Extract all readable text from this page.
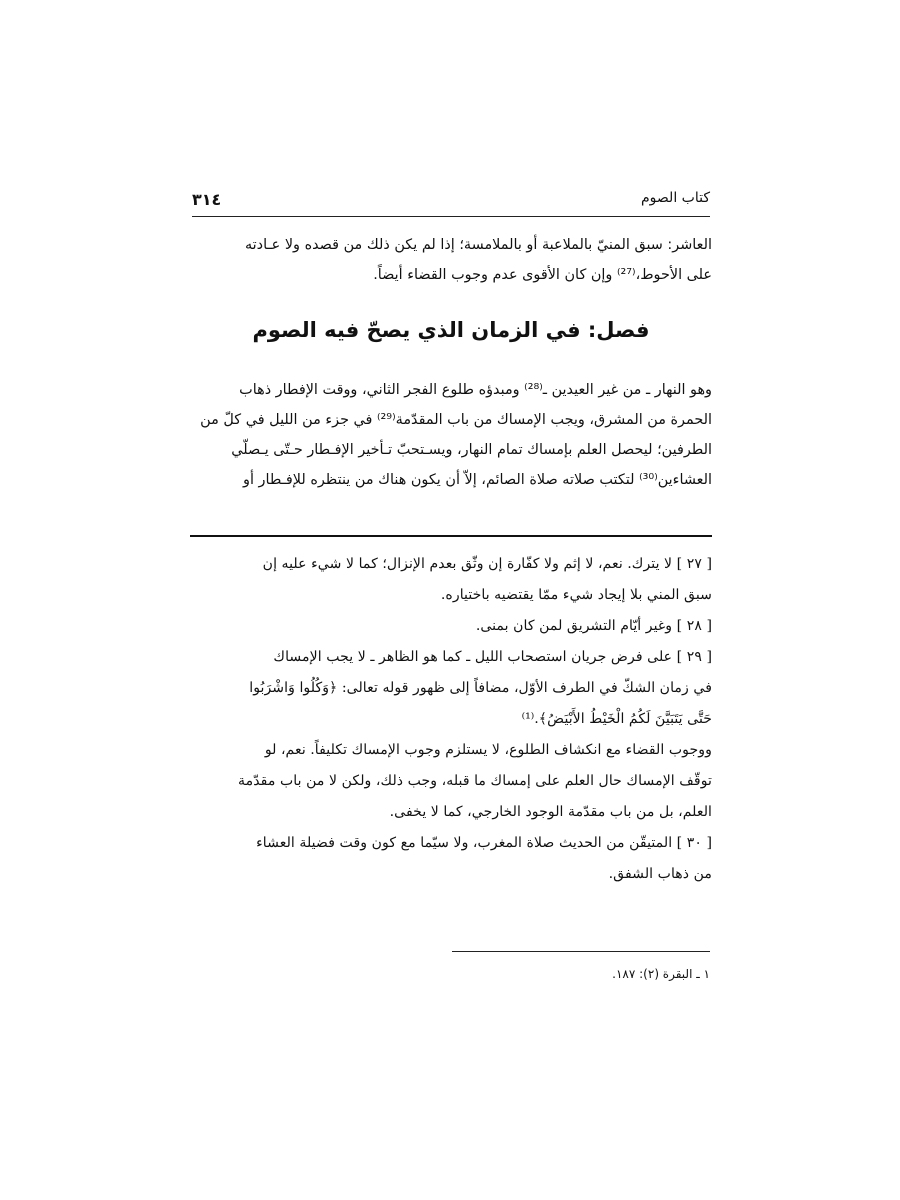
كتاب الصوم
٣١٤
العاشر: سبق المنيّ بالملاعبة أو بالملامسة؛ إذا لم يكن ذلك من قصده ولا عـادته
على الأحوط،⁽²⁷⁾ وإن كان الأقوى عدم وجوب القضاء أيضاً.
فصل: في الزمان الذي يصحّ فيه الصوم
وهو النهار ـ من غير العيدين ـ⁽²⁸⁾ ومبدؤه طلوع الفجر الثاني، ووقت الإفطار ذهاب
الحمرة من المشرق، ويجب الإمساك من باب المقدّمة⁽²⁹⁾ في جزء من الليل في كلّ من
الطرفين؛ ليحصل العلم بإمساك تمام النهار، ويسـتحبّ تـأخير الإفـطار حـتّى يـصلّي
العشاءين⁽³⁰⁾ لتكتب صلاته صلاة الصائم، إلاّ أن يكون هناك من ينتظره للإفـطار أو
[ ٢٧ ] لا يترك. نعم، لا إثم ولا كفّارة إن وثّق بعدم الإنزال؛ كما لا شيء عليه إن
سبق المني بلا إيجاد شيء ممّا يقتضيه باختياره.
[ ٢٨ ] وغير أيّام التشريق لمن كان بمنى.
[ ٢٩ ] على فرض جريان استصحاب الليل ـ كما هو الظاهر ـ لا يجب الإمساك
في زمان الشكّ في الطرف الأوّل، مضافاً إلى ظهور قوله تعالى: ﴿وَكُلُوا وَاشْرَبُوا
حَتَّى يَتَبَيَّنَ لَكُمُ الْخَيْطُ الأَبْيَضُ﴾.⁽¹⁾
ووجوب القضاء مع انكشاف الطلوع، لا يستلزم وجوب الإمساك تكليفاً. نعم، لو
توقّف الإمساك حال العلم على إمساك ما قبله، وجب ذلك، ولكن لا من باب مقدّمة
العلم، بل من باب مقدّمة الوجود الخارجي، كما لا يخفى.
[ ٣٠ ] المتيقّن من الحديث صلاة المغرب، ولا سيّما مع كون وقت فضيلة العشاء
من ذهاب الشفق.
١ ـ البقرة (٢): ١٨٧.
